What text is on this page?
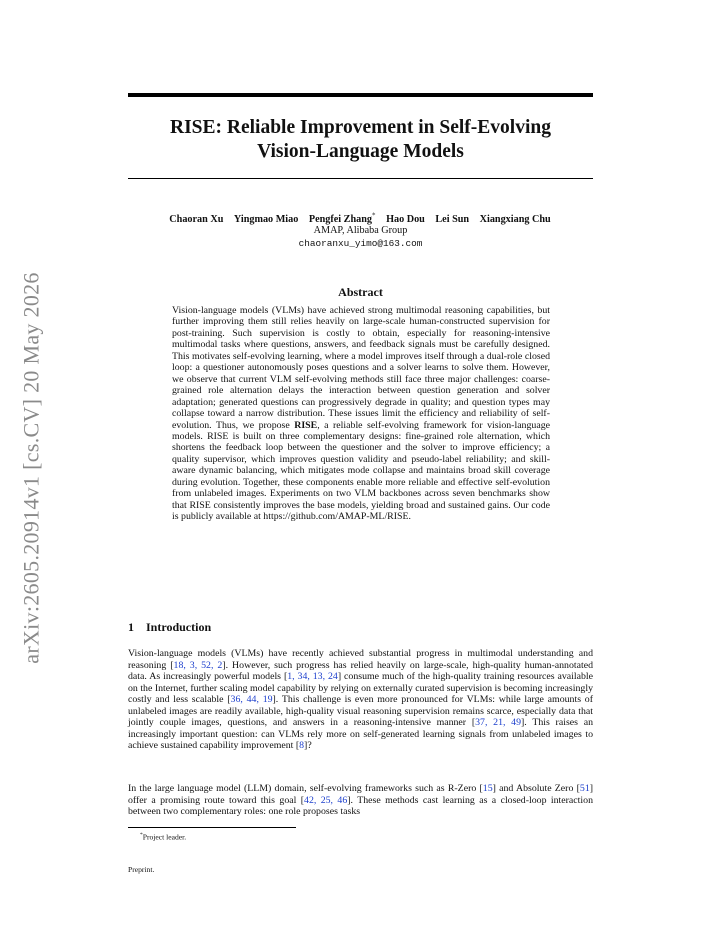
arXiv:2605.20914v1 [cs.CV] 20 May 2026
RISE: Reliable Improvement in Self-Evolving
Vision-Language Models
Chaoran Xu Yingmao Miao Pengfei Zhang* Hao Dou Lei Sun Xiangxiang Chu
AMAP, Alibaba Group
chaoranxu_yimo@163.com
Abstract

Vision-language models (VLMs) have achieved strong multimodal reasoning capabilities, but further improving them still relies heavily on large-scale human-constructed supervision for post-training. Such supervision is costly to obtain, especially for reasoning-intensive multimodal tasks where questions, answers, and feedback signals must be carefully designed. This motivates self-evolving learning, where a model improves itself through a dual-role closed loop: a questioner autonomously poses questions and a solver learns to solve them. However, we observe that current VLM self-evolving methods still face three major challenges: coarse-grained role alternation delays the interaction between question generation and solver adaptation; generated questions can progressively degrade in quality; and question types may collapse toward a narrow distribution. These issues limit the efficiency and reliability of self-evolution. Thus, we propose RISE, a reliable self-evolving framework for vision-language models. RISE is built on three complementary designs: fine-grained role alternation, which shortens the feedback loop between the questioner and the solver to improve efficiency; a quality supervisor, which improves question validity and pseudo-label reliability; and skill-aware dynamic balancing, which mitigates mode collapse and maintains broad skill coverage during evolution. Together, these components enable more reliable and effective self-evolution from unlabeled images. Experiments on two VLM backbones across seven benchmarks show that RISE consistently improves the base models, yielding broad and sustained gains. Our code is publicly available at https://github.com/AMAP-ML/RISE.

1 Introduction

Vision-language models (VLMs) have recently achieved substantial progress in multimodal understanding and reasoning [18, 3, 52, 2]. However, such progress has relied heavily on large-scale, high-quality human-annotated data. As increasingly powerful models [1, 34, 13, 24] consume much of the high-quality training resources available on the Internet, further scaling model capability by relying on externally curated supervision is becoming increasingly costly and less scalable [36, 44, 19]. This challenge is even more pronounced for VLMs: while large amounts of unlabeled images are readily available, high-quality visual reasoning supervision remains scarce, especially data that jointly couple images, questions, and answers in a reasoning-intensive manner [37, 21, 49]. This raises an increasingly important question: can VLMs rely more on self-generated learning signals from unlabeled images to achieve sustained capability improvement [8]?

In the large language model (LLM) domain, self-evolving frameworks such as R-Zero [15] and Absolute Zero [51] offer a promising route toward this goal [42, 25, 46]. These methods cast learning as a closed-loop interaction between two complementary roles: one role proposes tasks

*Project leader.
Preprint.
